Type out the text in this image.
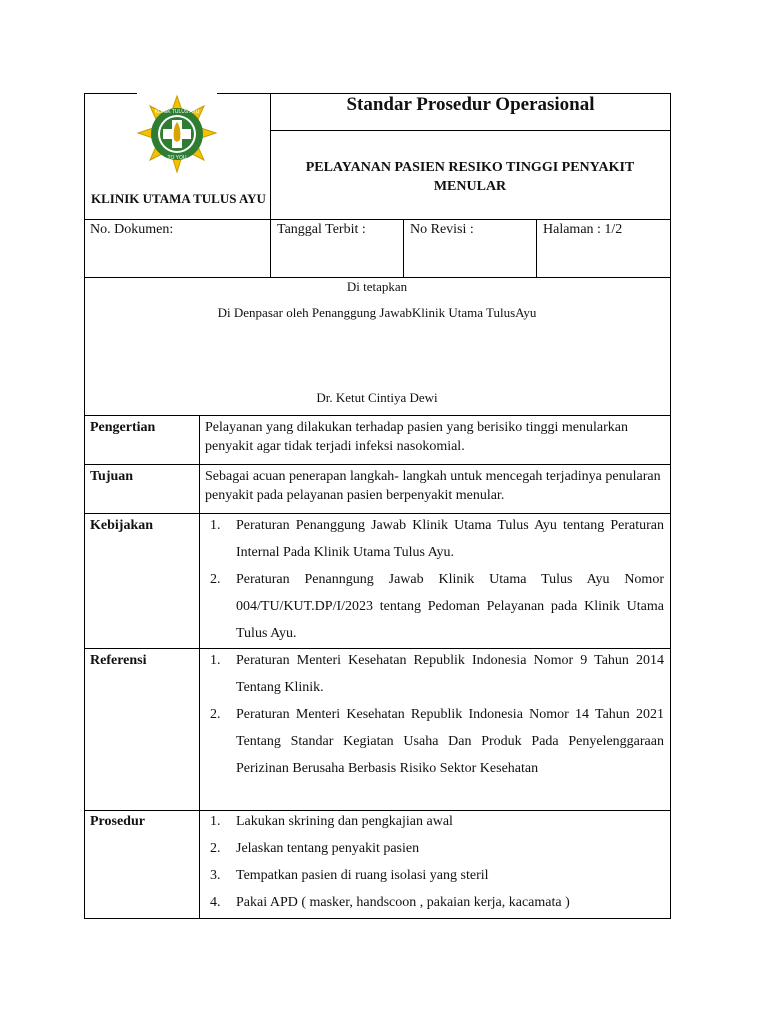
KLINIK TULUS AYU
TO YOU
KLINIK UTAMA TULUS AYU
Standar Prosedur Operasional
PELAYANAN PASIEN RESIKO TINGGI PENYAKIT MENULAR
No. Dokumen:	Tanggal Terbit :	No Revisi :	Halaman : 1/2
Di tetapkan
Di Denpasar oleh Penanggung JawabKlinik Utama TulusAyu
Dr. Ketut Cintiya Dewi
Pengertian	Pelayanan yang dilakukan terhadap pasien yang berisiko tinggi menularkan penyakit agar tidak terjadi infeksi nasokomial.
Tujuan	Sebagai acuan penerapan langkah- langkah untuk mencegah terjadinya penularan penyakit pada pelayanan pasien berpenyakit menular.
Kebijakan	1. Peraturan Penanggung Jawab Klinik Utama Tulus Ayu tentang Peraturan Internal Pada Klinik Utama Tulus Ayu.
2. Peraturan Penanngung Jawab Klinik Utama Tulus Ayu Nomor 004/TU/KUT.DP/I/2023 tentang Pedoman Pelayanan pada Klinik Utama Tulus Ayu.
Referensi	1. Peraturan Menteri Kesehatan Republik Indonesia Nomor 9 Tahun 2014 Tentang Klinik.
2. Peraturan Menteri Kesehatan Republik Indonesia Nomor 14 Tahun 2021 Tentang Standar Kegiatan Usaha Dan Produk Pada Penyelenggaraan Perizinan Berusaha Berbasis Risiko Sektor Kesehatan
Prosedur	1. Lakukan skrining dan pengkajian awal
2. Jelaskan tentang penyakit pasien
3. Tempatkan pasien di ruang isolasi yang steril
4. Pakai APD ( masker, handscoon , pakaian kerja, kacamata )
